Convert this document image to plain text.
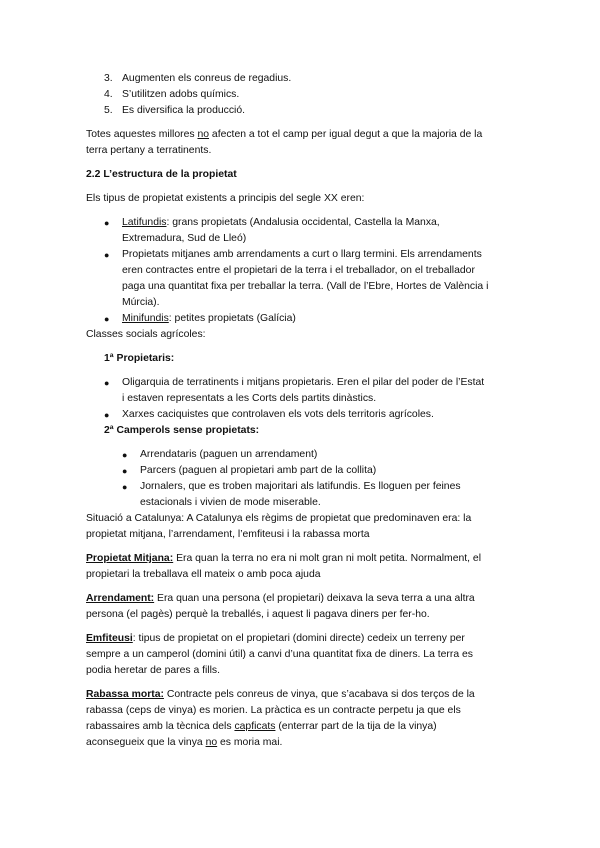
3. Augmenten els conreus de regadius.
4. S’utilitzen adobs químics.
5. Es diversifica la producció.
Totes aquestes millores no afecten a tot el camp per igual degut a que la majoria de la
terra pertany a terratinents.
2.2 L’estructura de la propietat
Els tipus de propietat existents a principis del segle XX eren:
● Latifundis: grans propietats (Andalusia occidental, Castella la Manxa,
Extremadura, Sud de Lleó)
● Propietats mitjanes amb arrendaments a curt o llarg termini. Els arrendaments
eren contractes entre el propietari de la terra i el treballador, on el treballador
paga una quantitat fixa per treballar la terra. (Vall de l’Ebre, Hortes de València i
Múrcia).
● Minifundis: petites propietats (Galícia)
Classes socials agrícoles:
1ª Propietaris:
● Oligarquia de terratinents i mitjans propietaris. Eren el pilar del poder de l’Estat
i estaven representats a les Corts dels partits dinàstics.
● Xarxes caciquistes que controlaven els vots dels territoris agrícoles.
2ª Camperols sense propietats:
● Arrendataris (paguen un arrendament)
● Parcers (paguen al propietari amb part de la collita)
● Jornalers, que es troben majoritari als latifundis. Es lloguen per feines
estacionals i vivien de mode miserable.
Situació a Catalunya: A Catalunya els règims de propietat que predominaven era: la
propietat mitjana, l’arrendament, l’emfiteusi i la rabassa morta
Propietat Mitjana: Era quan la terra no era ni molt gran ni molt petita. Normalment, el
propietari la treballava ell mateix o amb poca ajuda
Arrendament: Era quan una persona (el propietari) deixava la seva terra a una altra
persona (el pagès) perquè la treballés, i aquest li pagava diners per fer-ho.
Emfiteusi: tipus de propietat on el propietari (domini directe) cedeix un terreny per
sempre a un camperol (domini útil) a canvi d’una quantitat fixa de diners. La terra es
podia heretar de pares a fills.
Rabassa morta: Contracte pels conreus de vinya, que s’acabava si dos terços de la
rabassa (ceps de vinya) es morien. La pràctica es un contracte perpetu ja que els
rabassaires amb la tècnica dels capficats (enterrar part de la tija de la vinya)
aconsegueix que la vinya no es moria mai.
